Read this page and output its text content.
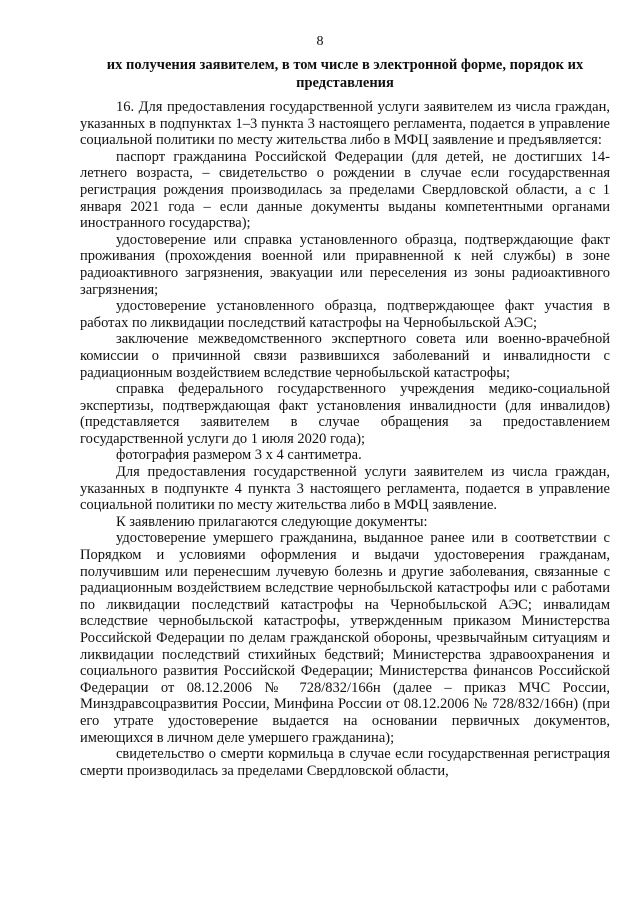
8
их получения заявителем, в том числе в электронной форме, порядок их представления

16. Для предоставления государственной услуги заявителем из числа граждан, указанных в подпунктах 1–3 пункта 3 настоящего регламента, подается в управление социальной политики по месту жительства либо в МФЦ заявление и предъявляется:

паспорт гражданина Российской Федерации (для детей, не достигших 14-летнего возраста, – свидетельство о рождении в случае если государственная регистрация рождения производилась за пределами Свердловской области, а с 1 января 2021 года – если данные документы выданы компетентными органами иностранного государства);

удостоверение или справка установленного образца, подтверждающие факт проживания (прохождения военной или приравненной к ней службы) в зоне радиоактивного загрязнения, эвакуации или переселения из зоны радиоактивного загрязнения;

удостоверение установленного образца, подтверждающее факт участия в работах по ликвидации последствий катастрофы на Чернобыльской АЭС;

заключение межведомственного экспертного совета или военно-врачебной комиссии о причинной связи развившихся заболеваний и инвалидности с радиационным воздействием вследствие чернобыльской катастрофы;

справка федерального государственного учреждения медико-социальной экспертизы, подтверждающая факт установления инвалидности (для инвалидов) (представляется заявителем в случае обращения за предоставлением государственной услуги до 1 июля 2020 года);

фотография размером 3 х 4 сантиметра.

Для предоставления государственной услуги заявителем из числа граждан, указанных в подпункте 4 пункта 3 настоящего регламента, подается в управление социальной политики по месту жительства либо в МФЦ заявление.

К заявлению прилагаются следующие документы:

удостоверение умершего гражданина, выданное ранее или в соответствии с Порядком и условиями оформления и выдачи удостоверения гражданам, получившим или перенесшим лучевую болезнь и другие заболевания, связанные с радиационным воздействием вследствие чернобыльской катастрофы или с работами по ликвидации последствий катастрофы на Чернобыльской АЭС; инвалидам вследствие чернобыльской катастрофы, утвержденным приказом Министерства Российской Федерации по делам гражданской обороны, чрезвычайным ситуациям и ликвидации последствий стихийных бедствий; Министерства здравоохранения и социального развития Российской Федерации; Министерства финансов Российской Федерации от 08.12.2006 № 728/832/166н (далее – приказ МЧС России, Минздравсоцразвития России, Минфина России от 08.12.2006 № 728/832/166н) (при его утрате удостоверение выдается на основании первичных документов, имеющихся в личном деле умершего гражданина);

свидетельство о смерти кормильца в случае если государственная регистрация смерти производилась за пределами Свердловской области,
